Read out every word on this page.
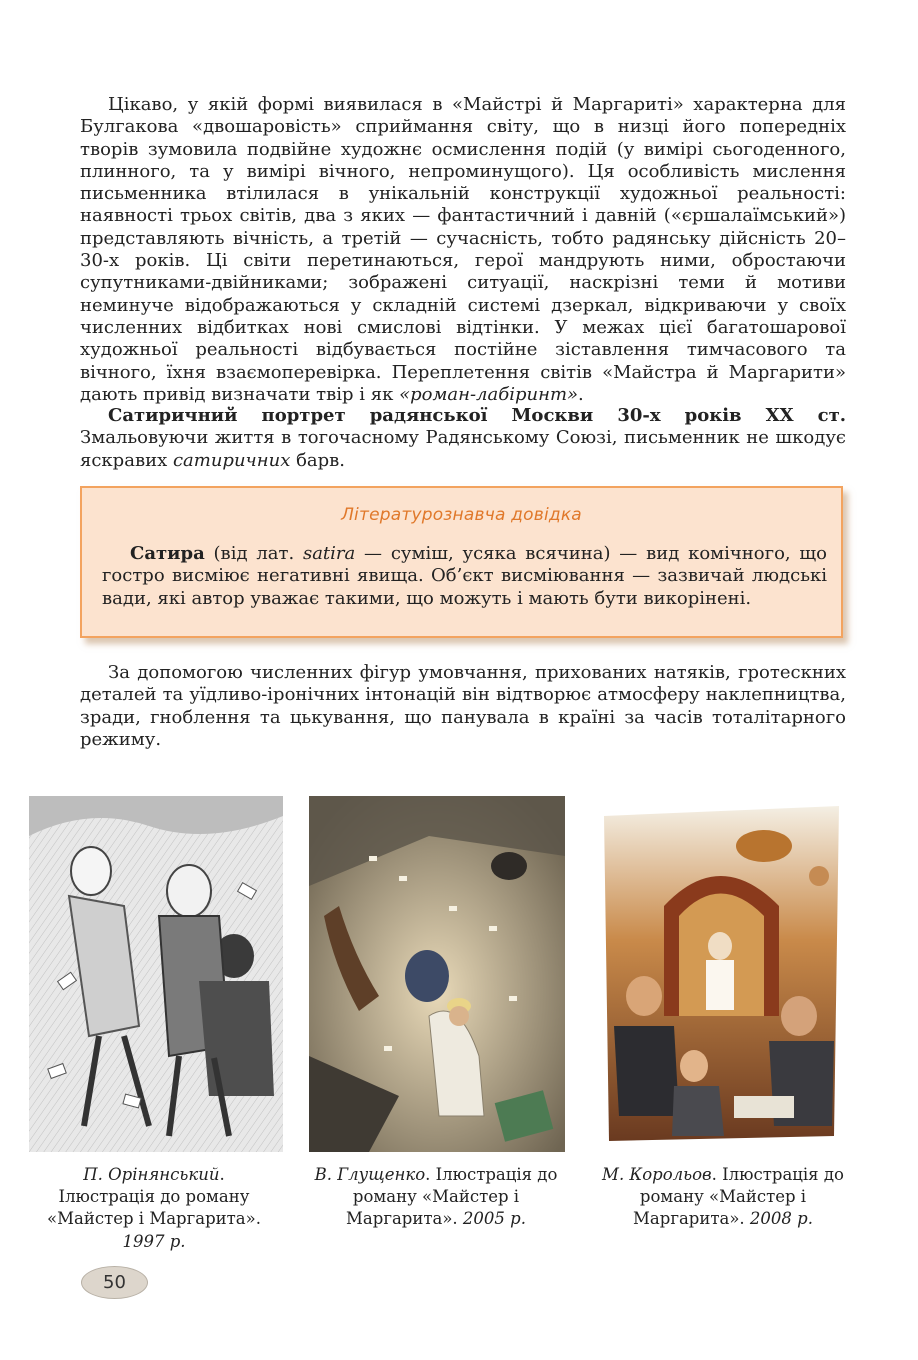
Цікаво, у якій формі виявилася в «Майстрі й Маргариті» характерна для Булгакова «двошаровість» сприймання світу, що в низці його попередніх творів зумовила подвійне художнє осмислення подій (у вимірі сьогоденного, плинного, та у вимірі вічного, непроминущого). Ця особливість мислення письменника втілилася в унікальній конструкції художньої реальності: наявності трьох світів, два з яких — фантастичний і давній («єршалаїмський») представляють вічність, а третій — сучасність, тобто радянську дійсність 20–30-х років. Ці світи перетинаються, герої мандрують ними, обростаючи супутниками-двійниками; зображені ситуації, наскрізні теми й мотиви неминуче відображаються у складній системі дзеркал, відкриваючи у своїх численних відбитках нові смислові відтінки. У межах цієї багатошарової художньої реальності відбувається постійне зіставлення тимчасового та вічного, їхня взаємоперевірка. Переплетення світів «Майстра й Маргарити» дають привід визначати твір і як «роман-лабіринт».

Сатиричний портрет радянської Москви 30-х років XX ст. Змальовуючи життя в тогочасному Радянському Союзі, письменник не шкодує яскравих сатиричних барв.

Літературознавча довідка

Сатира (від лат. satira — суміш, усяка всячина) — вид комічного, що гостро висміює негативні явища. Об’єкт висміювання — зазвичай людські вади, які автор уважає такими, що можуть і мають бути викорінені.

За допомогою численних фігур умовчання, прихованих натяків, гротескних деталей та уїдливо-іронічних інтонацій він відтворює атмосферу наклепництва, зради, гноблення та цькування, що панувала в країні за часів тоталітарного режиму.

П. Орінянський. Ілюстрація до роману «Майстер і Маргарита». 1997 р.

В. Глущенко. Ілюстрація до роману «Майстер і Маргарита». 2005 р.

М. Корольов. Ілюстрація до роману «Майстер і Маргарита». 2008 р.

50
